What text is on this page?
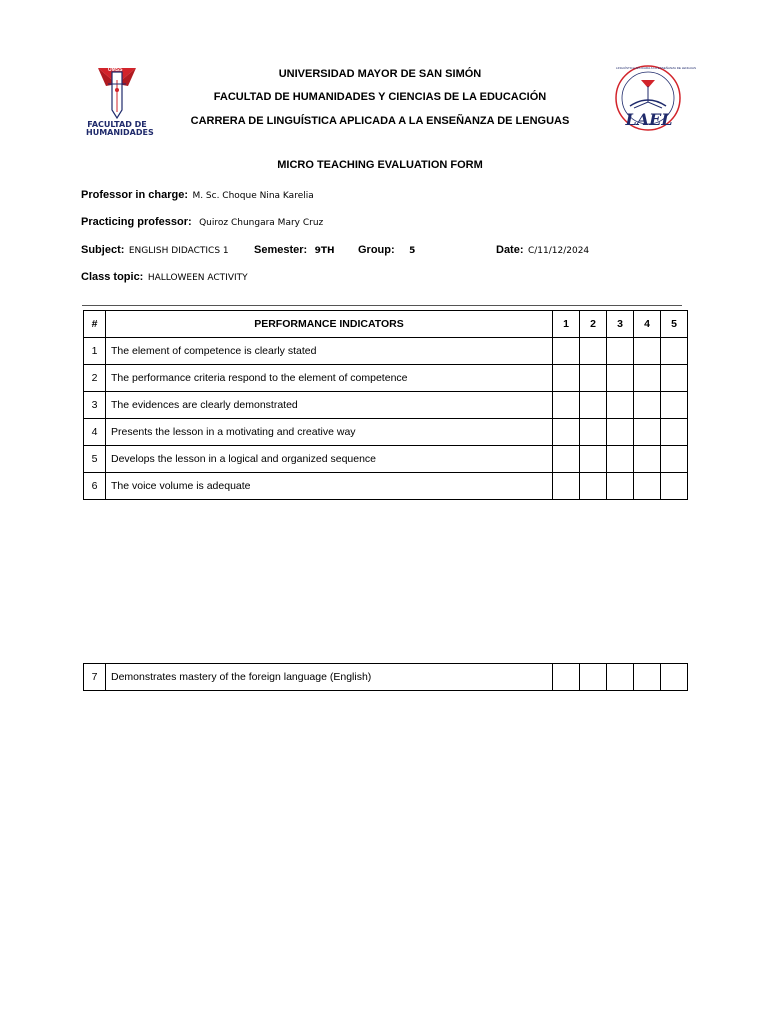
UMSS
FACULTAD DE
HUMANIDADES
LINGUÍSTICA APLICADA A LA ENSEÑANZA DE LENGUAS
LAEL
UNIVERSIDAD MAYOR DE SAN SIMÓN
FACULTAD DE HUMANIDADES Y CIENCIAS DE LA EDUCACIÓN
CARRERA DE LINGUÍSTICA APLICADA A LA ENSEÑANZA DE LENGUAS
MICRO TEACHING EVALUATION FORM
Professor in charge: M. Sc. Choque Nina Karelia
Practicing professor: Quiroz Chungara Mary Cruz
Subject: ENGLISH DIDACTICS 1 Semester: 9TH Group: 5	Date: C/11/12/2024
Class topic: HALLOWEEN ACTIVITY
#	PERFORMANCE INDICATORS	1	2	3	4	5
1	The element of competence is clearly stated					
2	The performance criteria respond to the element of competence					
3	The evidences are clearly demonstrated					
4	Presents the lesson in a motivating and creative way					
5	Develops the lesson in a logical and organized sequence					
6	The voice volume is adequate					
7	Demonstrates mastery of the foreign language (English)					
